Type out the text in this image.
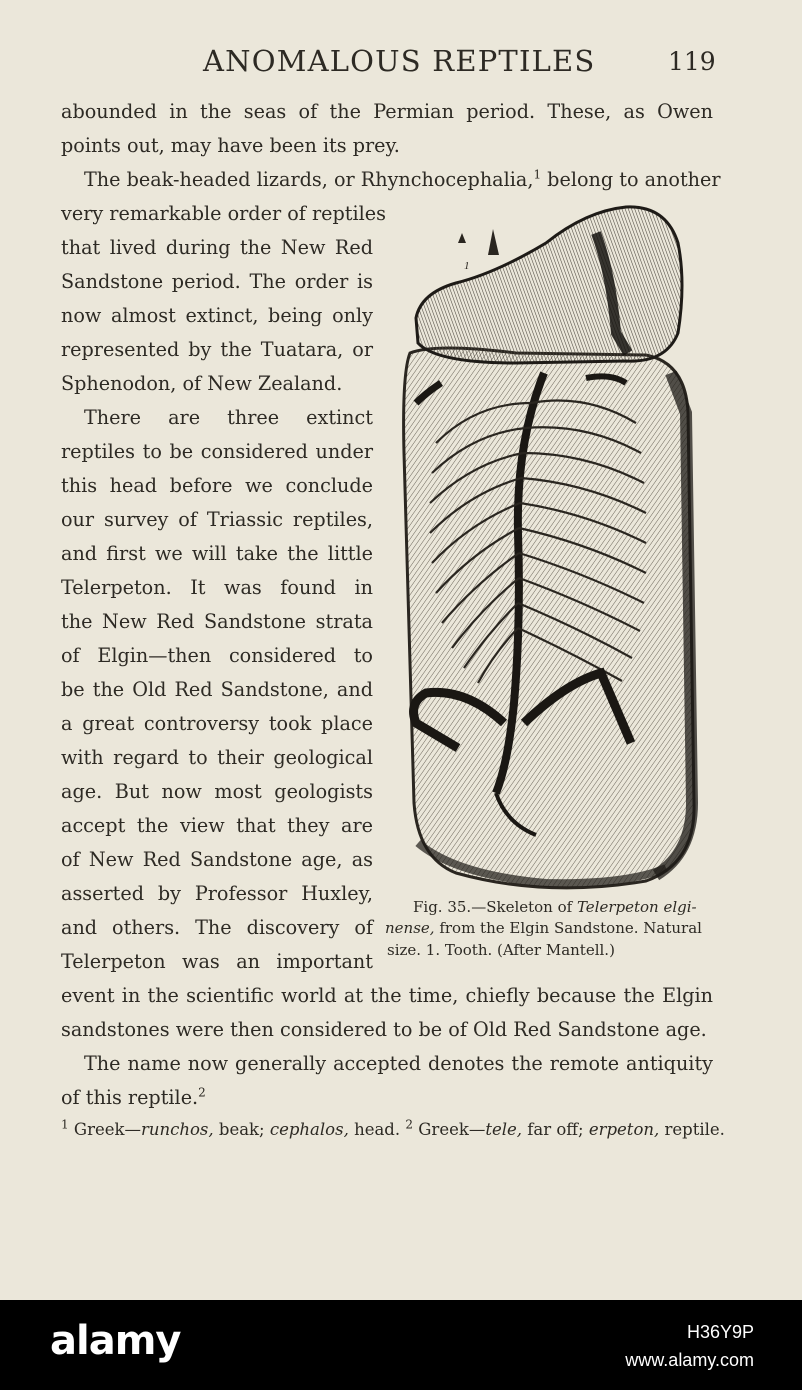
ANOMALOUS REPTILES	119
abounded in the seas of the Permian period. These, as Owen
points out, may have been its prey.
The beak-headed lizards, or Rhynchocephalia,$^1$ belong to another
very remarkable order of reptiles
that lived during the New Red
Sandstone period. The order is
now almost extinct, being only
represented by the Tuatara, or
Sphenodon, of New Zealand.
There are three extinct
reptiles to be considered under
this head before we conclude
our survey of Triassic reptiles,
and first we will take the little
Telerpeton. It was found in
the New Red Sandstone strata
of Elgin—then considered to
be the Old Red Sandstone, and
a great controversy took place
with regard to their geological
age. But now most geologists
accept the view that they are
of New Red Sandstone age, as
asserted by Professor Huxley,
and others. The discovery of
Telerpeton was an important
event in the scientific world at the time, chiefly because the Elgin
sandstones were then considered to be of Old Red Sandstone age.
The name now generally accepted denotes the remote antiquity
of this reptile.$^2$
1
Fig. 35.—Skeleton of Telerpeton elgi-
nense, from the Elgin Sandstone. Natural
size. 1. Tooth. (After Mantell.)
$^1$ Greek—runchos, beak; cephalos, head. $^2$ Greek—tele, far off; erpeton, reptile.
alamy	H36Y9P
www.alamy.com
